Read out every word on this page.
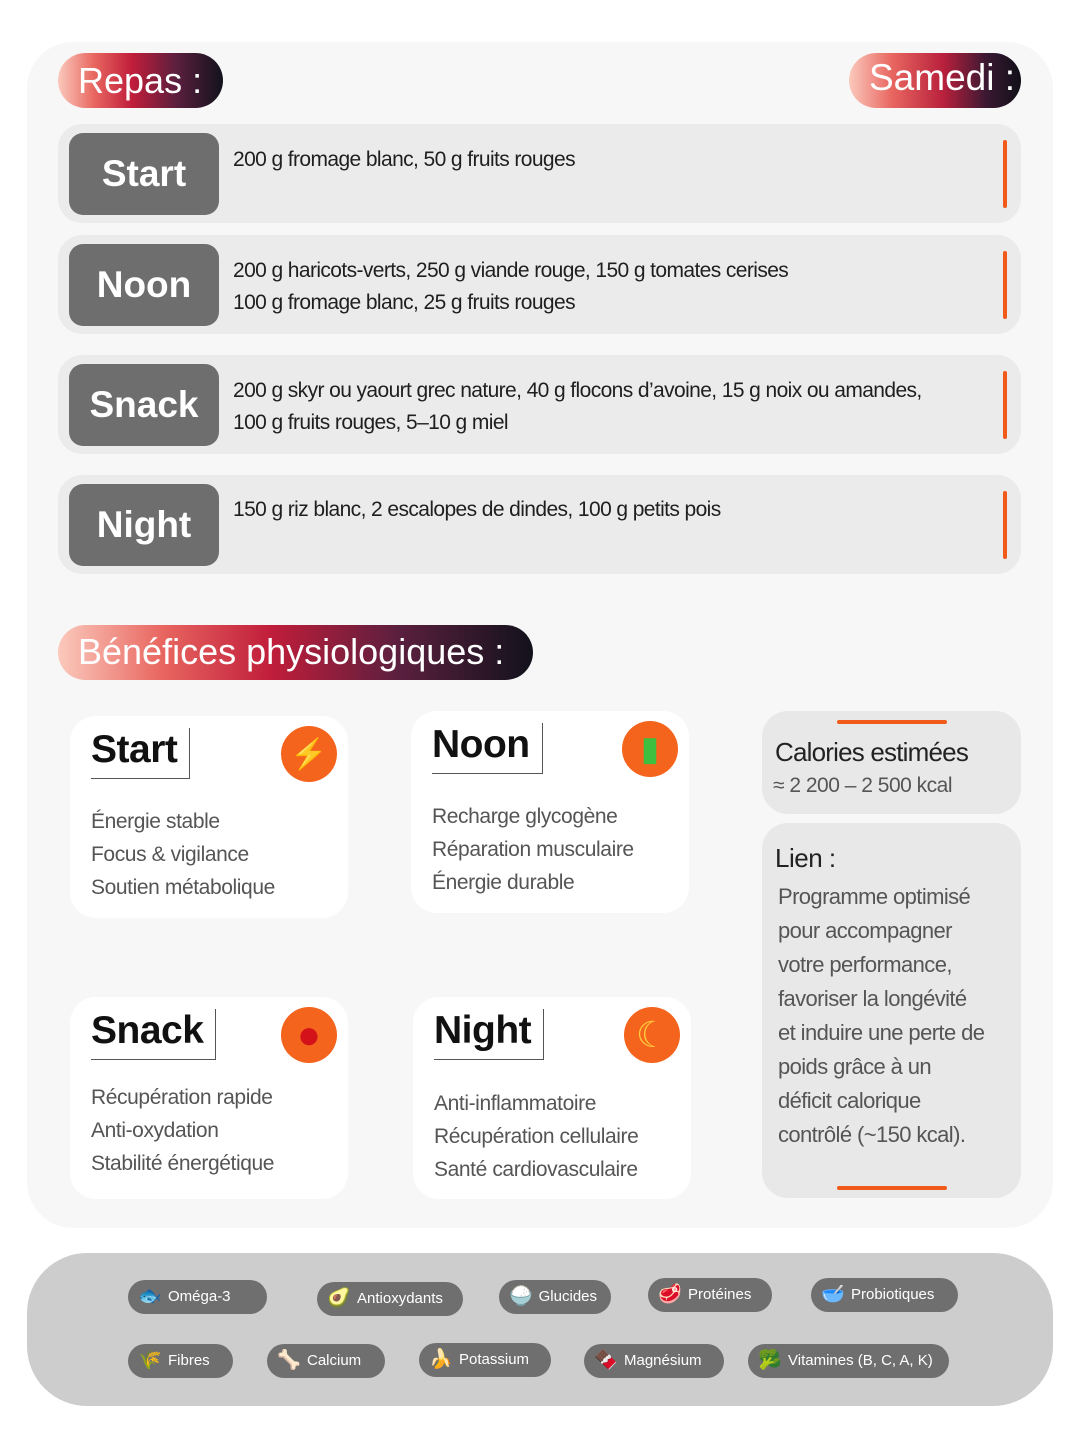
Repas :	Samedi :
Start	200 g fromage blanc, 50 g fruits rouges
Noon	200 g haricots-verts, 250 g viande rouge, 150 g tomates cerises
100 g fromage blanc, 25 g fruits rouges
Snack	200 g skyr ou yaourt grec nature, 40 g flocons d’avoine, 15 g noix ou amandes,
100 g fruits rouges, 5–10 g miel
Night	150 g riz blanc, 2 escalopes de dindes, 100 g petits pois
Bénéfices physiologiques :
Start	⚡
Énergie stable
Focus & vigilance
Soutien métabolique
Noon	▮
Recharge glycogène
Réparation musculaire
Énergie durable
Snack	●
Récupération rapide
Anti-oxydation
Stabilité énergétique
Night	☾
Anti-inflammatoire
Récupération cellulaire
Santé cardiovasculaire
Calories estimées
≈ 2 200 – 2 500 kcal
Lien :
Programme optimisé
pour accompagner
votre performance,
favoriser la longévité
et induire une perte de
poids grâce à un
déficit calorique
contrôlé (~150 kcal).
🐟 Oméga-3	🥑 Antioxydants	🍚 Glucides	🥩 Protéines	🥣 Probiotiques
🌾 Fibres	🦴 Calcium	🍌 Potassium	🍫 Magnésium	🥦 Vitamines (B, C, A, K)
